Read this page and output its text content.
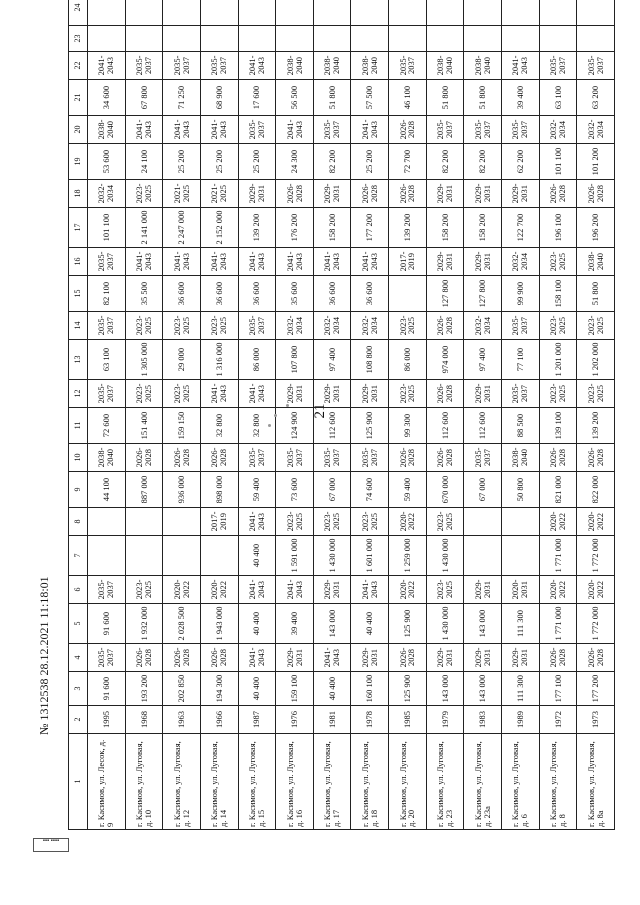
21
1	2	3	4	5	6	7	8	9	10	11	12	13	14	15	16	17	18	19	20	21	22	23	24
г. Касимов, ул. Лесок, д. 9	1995	91 600	2035-2037	91 600	2035-2037			44 100	2038-2040	72 600	2035-2037	63 100	2035-2037	82 100	2035-2037	101 100	2032-2034	53 600	2038-2040	34 600	2041-2043		
г. Касимов, ул. Луговая, д. 10	1968	193 200	2026-2028	1 932 000	2023-2025			887 000	2026-2028	151 400	2023-2025	1 305 000	2023-2025	35 500	2041-2043	2 141 000	2023-2025	24 100	2041-2043	67 800	2035-2037		
г. Касимов, ул. Луговая, д. 12	1963	202 850	2026-2028	2 028 500	2020-2022			936 000	2026-2028	159 150	2023-2025	29 000	2023-2025	36 600	2041-2043	2 247 000	2021-2025	25 200	2041-2043	71 250	2035-2037		
г. Касимов, ул. Луговая, д. 14	1966	194 300	2026-2028	1 943 000	2020-2022		2017-2019	898 000	2026-2028	32 800	2041-2043	1 316 000	2023-2025	36 600	2041-2043	2 152 000	2021-2025	25 200	2041-2043	68 900	2035-2037		
г. Касимов, ул. Луговая, д. 15	1987	40 400	2041-2043	40 400	2041-2043	40 400	2041-2043	59 400	2035-2037	32 800	2041-2043	86 000	2035-2037	36 600	2041-2043	139 200	2029-2031	25 200	2035-2037	17 600	2041-2043		
г. Касимов, ул. Луговая, д. 16	1976	159 100	2029-2031	39 400	2041-2043	1 591 000	2023-2025	73 600	2035-2037	124 900	2029-2031	107 800	2032-2034	35 600	2041-2043	176 200	2026-2028	24 300	2041-2043	56 500	2038-2040		
г. Касимов, ул. Луговая, д. 17	1981	40 400	2041-2043	143 000	2029-2031	1 430 000	2023-2025	67 000	2035-2037	112 600	2029-2031	97 400	2032-2034	36 600	2041-2043	158 200	2029-2031	82 200	2035-2037	51 800	2038-2040		
г. Касимов, ул. Луговая, д. 18	1978	160 100	2029-2031	40 400	2041-2043	1 601 000	2023-2025	74 600	2035-2037	125 900	2029-2031	108 800	2032-2034	36 600	2041-2043	177 200	2026-2028	25 200	2041-2043	57 500	2038-2040		
г. Касимов, ул. Луговая, д. 20	1985	125 900	2026-2028	125 900	2020-2022	1 259 000	2020-2022	59 400	2026-2028	99 300	2023-2025	86 000	2023-2025		2017-2019	139 200	2026-2028	72 700	2026-2028	46 100	2035-2037		
г. Касимов, ул. Луговая, д. 23	1979	143 000	2029-2031	1 430 000	2023-2025	1 430 000	2023-2025	670 000	2026-2028	112 600	2026-2028	974 000	2026-2028	127 800	2029-2031	158 200	2029-2031	82 200	2035-2037	51 800	2038-2040		
г. Касимов, ул. Луговая, д. 23а	1983	143 000	2029-2031	143 000	2029-2031			67 000	2035-2037	112 600	2029-2031	97 400	2032-2034	127 800	2029-2031	158 200	2029-2031	82 200	2035-2037	51 800	2038-2040		
г. Касимов, ул. Луговая, д. 6	1989	111 300	2029-2031	111 300	2020-2031			50 800	2038-2040	88 500	2035-2037	77 100	2035-2037	99 900	2032-2034	122 700	2029-2031	62 200	2035-2037	39 400	2041-2043		
г. Касимов, ул. Луговая, д. 8	1972	177 100	2026-2028	1 771 000	2020-2022	1 771 000	2020-2022	821 000	2026-2028	139 100	2023-2025	1 201 000	2023-2025	158 100	2023-2025	196 100	2026-2028	101 100	2032-2034	63 100	2035-2037		
г. Касимов, ул. Луговая, д. 8а	1973	177 200	2026-2028	1 772 000	2020-2022	1 772 000	2020-2022	822 000	2026-2028	139 200	2023-2025	1 202 000	2023-2025	51 800	2038-2040	196 200	2026-2028	101 200	2032-2034	63 200	2035-2037		
№ 1312538 28.12.2021 11:18:01
▪▪▪ ▪▪▪▪
